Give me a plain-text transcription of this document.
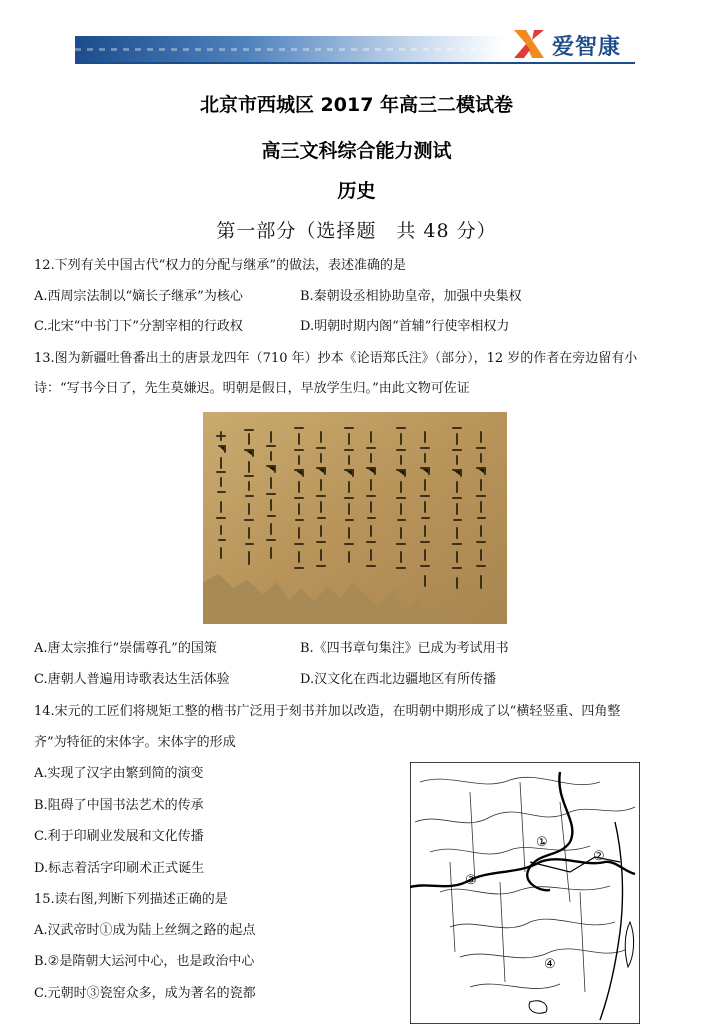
爱智康
北京市西城区 2017 年高三二模试卷
高三文科综合能力测试
历史
第一部分（选择题　共 48 分）
12.下列有关中国古代“权力的分配与继承”的做法，表述准确的是
A.西周宗法制以“嫡长子继承”为核心	B.秦朝设丞相协助皇帝，加强中央集权
C.北宋“中书门下”分割宰相的行政权	D.明朝时期内阁“首辅”行使宰相权力
13.图为新疆吐鲁番出土的唐景龙四年（710 年）抄本《论语郑氏注》（部分），12 岁的作者在旁边留有小
诗：“写书今日了，先生莫嫌迟。明朝是假日，早放学生归。”由此文物可佐证
A.唐太宗推行“崇儒尊孔”的国策	B.《四书章句集注》已成为考试用书
C.唐朝人普遍用诗歌表达生活体验	D.汉文化在西北边疆地区有所传播
14.宋元的工匠们将规矩工整的楷书广泛用于刻书并加以改造，在明朝中期形成了以“横轻竖重、四角整
齐”为特征的宋体字。宋体字的形成
A.实现了汉字由繁到简的演变
B.阻碍了中国书法艺术的传承
C.利于印刷业发展和文化传播
D.标志着活字印刷术正式诞生
15.读右图,判断下列描述正确的是
A.汉武帝时①成为陆上丝绸之路的起点
B.②是隋朝大运河中心，也是政治中心
C.元朝时③瓷窑众多，成为著名的瓷都
①
②
③
④
